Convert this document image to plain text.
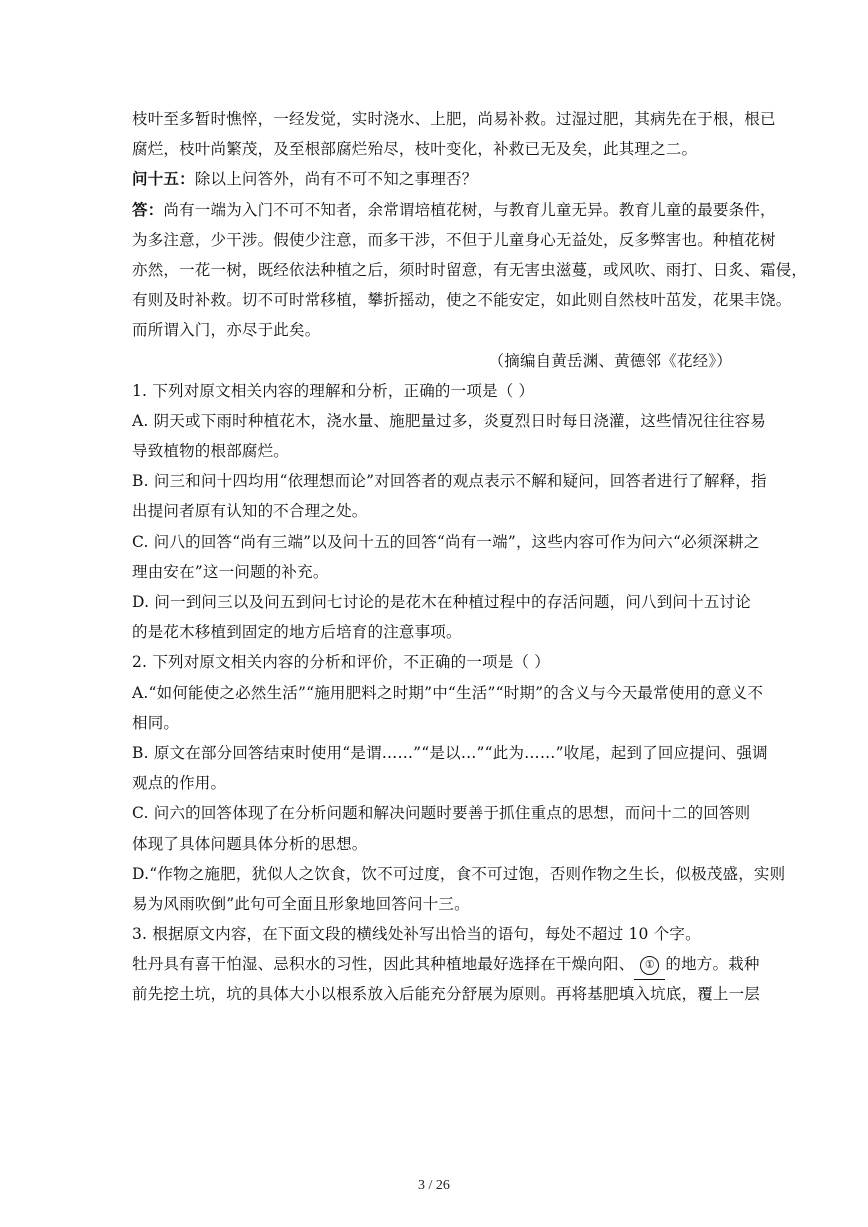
枝叶至多暂时憔悴，一经发觉，实时浇水、上肥，尚易补救。过湿过肥，其病先在于根，根已
腐烂，枝叶尚繁茂，及至根部腐烂殆尽，枝叶变化，补救已无及矣，此其理之二。
问十五：除以上问答外，尚有不可不知之事理否？
答：尚有一端为入门不可不知者，余常谓培植花树，与教育儿童无异。教育儿童的最要条件，
为多注意，少干涉。假使少注意，而多干涉，不但于儿童身心无益处，反多弊害也。种植花树
亦然，一花一树，既经依法种植之后，须时时留意，有无害虫滋蔓，或风吹、雨打、日炙、霜侵，
有则及时补救。切不可时常移植，攀折摇动，使之不能安定，如此则自然枝叶茁发，花果丰饶。
而所谓入门，亦尽于此矣。
（摘编自黄岳渊、黄德邻《花经》）
1. 下列对原文相关内容的理解和分析，正确的一项是（ ）
A. 阴天或下雨时种植花木，浇水量、施肥量过多，炎夏烈日时每日浇灌，这些情况往往容易
导致植物的根部腐烂。
B. 问三和问十四均用“依理想而论”对回答者的观点表示不解和疑问，回答者进行了解释，指
出提问者原有认知的不合理之处。
C. 问八的回答“尚有三端”以及问十五的回答“尚有一端”，这些内容可作为问六“必须深耕之
理由安在”这一问题的补充。
D. 问一到问三以及问五到问七讨论的是花木在种植过程中的存活问题，问八到问十五讨论
的是花木移植到固定的地方后培育的注意事项。
2. 下列对原文相关内容的分析和评价，不正确的一项是（ ）
A.“如何能使之必然生活”“施用肥料之时期”中“生活”“时期”的含义与今天最常使用的意义不
相同。
B. 原文在部分回答结束时使用“是谓……”“是以…”“此为……”收尾，起到了回应提问、强调
观点的作用。
C. 问六的回答体现了在分析问题和解决问题时要善于抓住重点的思想，而问十二的回答则
体现了具体问题具体分析的思想。
D.“作物之施肥，犹似人之饮食，饮不可过度，食不可过饱，否则作物之生长，似极茂盛，实则
易为风雨吹倒”此句可全面且形象地回答问十三。
3. 根据原文内容，在下面文段的横线处补写出恰当的语句，每处不超过 10 个字。
牡丹具有喜干怕湿、忌积水的习性，因此其种植地最好选择在干燥向阳、 ① 的地方。栽种
前先挖土坑，坑的具体大小以根系放入后能充分舒展为原则。再将基肥填入坑底，覆上一层
3 / 26
